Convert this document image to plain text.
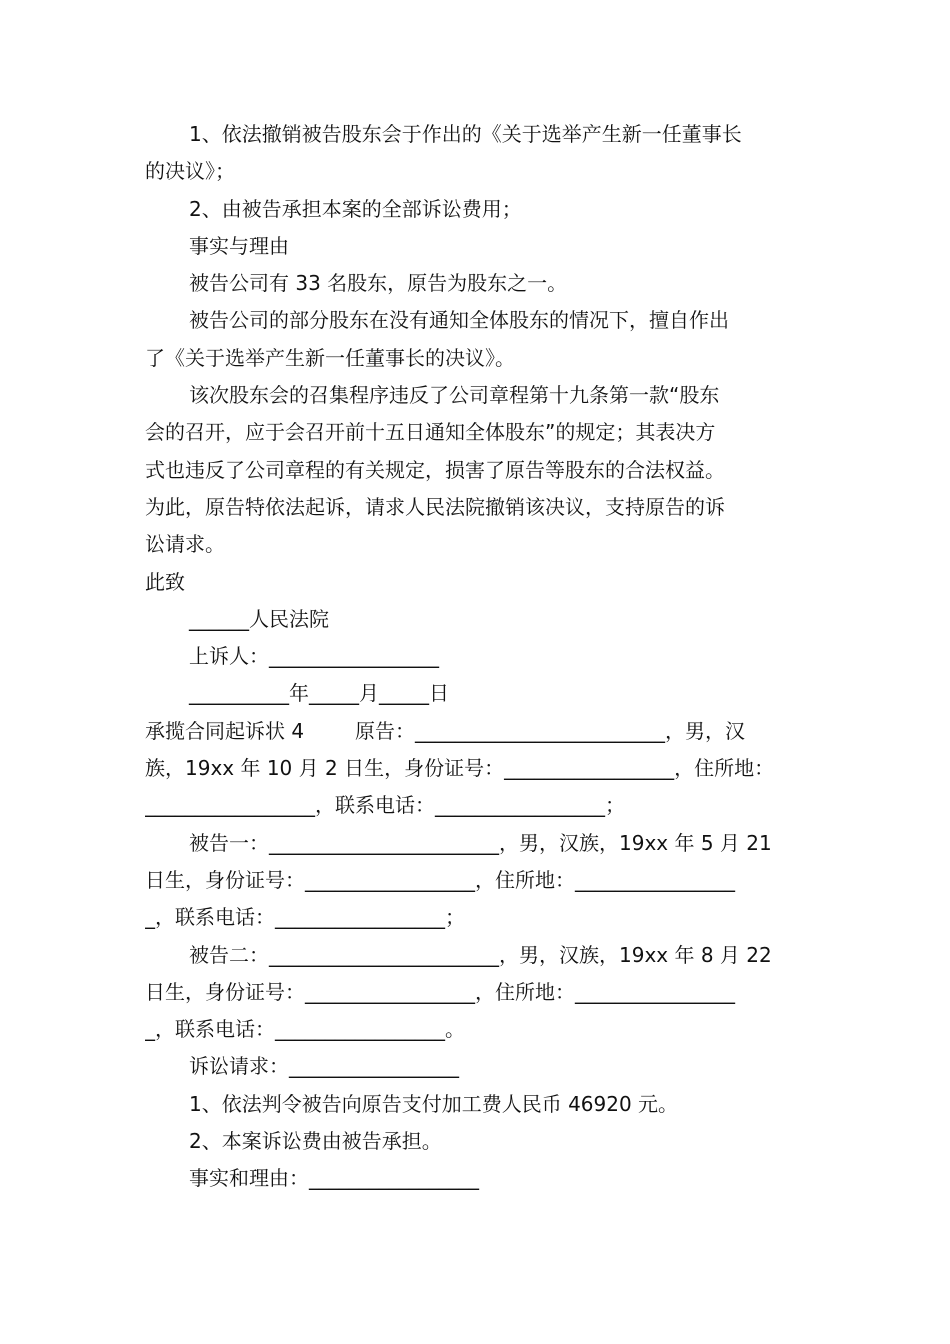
1、依法撤销被告股东会于作出的《关于选举产生新一任董事长
的决议》；
2、由被告承担本案的全部诉讼费用；
事实与理由
被告公司有 33 名股东，原告为股东之一。
被告公司的部分股东在没有通知全体股东的情况下，擅自作出
了《关于选举产生新一任董事长的决议》。
该次股东会的召集程序违反了公司章程第十九条第一款“股东
会的召开，应于会召开前十五日通知全体股东”的规定；其表决方
式也违反了公司章程的有关规定，损害了原告等股东的合法权益。
为此，原告特依法起诉，请求人民法院撤销该决议，支持原告的诉
讼请求。
此致
______人民法院
上诉人：_________________
__________年_____月_____日
承揽合同起诉状 4        原告：_________________________，男，汉
族，19xx 年 10 月 2 日生，身份证号：_________________，住所地：
_________________，联系电话：_________________；
被告一：_______________________，男，汉族，19xx 年 5 月 21
日生，身份证号：_________________，住所地：________________
_，联系电话：_________________；
被告二：_______________________，男，汉族，19xx 年 8 月 22
日生，身份证号：_________________，住所地：________________
_，联系电话：_________________。
诉讼请求：_________________
1、依法判令被告向原告支付加工费人民币 46920 元。
2、本案诉讼费由被告承担。
事实和理由：_________________
